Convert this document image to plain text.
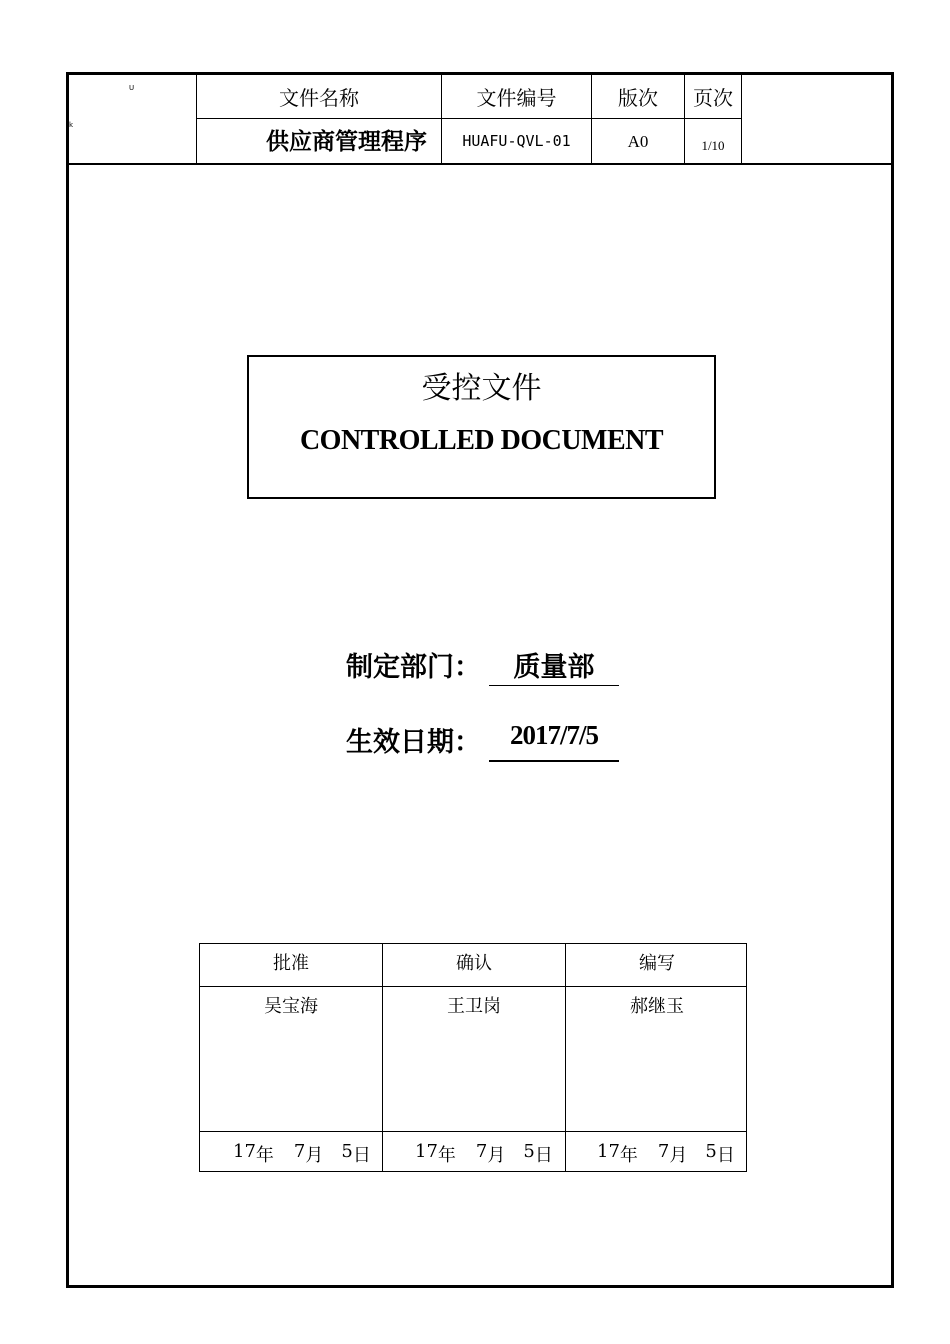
U
k
文件名称	文件编号	版次	页次
供应商管理程序	HUAFU-QVL-01	A0	1/10
受控文件
CONTROLLED DOCUMENT
制定部门：	质量部
生效日期：	2017/7/5
批准	确认	编写
吴宝海	王卫岗	郝继玉
17 年 7 月 5 日 17 年 7 月 5 日 17 年 7 月 5 日
